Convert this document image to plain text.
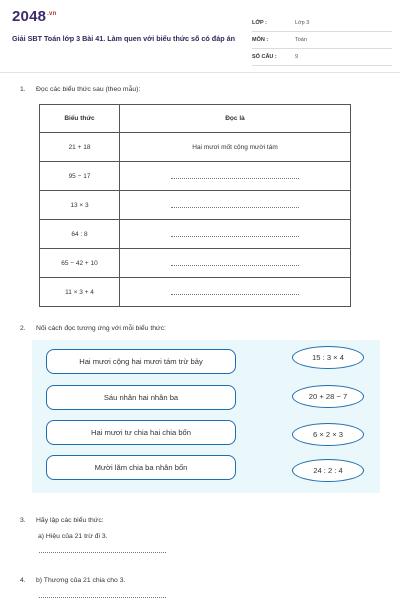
$2048^{.vn}$
Giải SBT Toán lớp 3 Bài 41. Làm quen với biểu thức số có đáp án
LỚP :	Lớp 3
MÔN :	Toán
SỐ CÂU :	9
1. Đọc các biểu thức sau (theo mẫu):
Biểu thức	Đọc là
21 + 18	Hai mươi mốt cộng mười tám
95 − 17	
13 × 3	
64 : 8	
65 − 42 + 10	
11 × 3 + 4	
2. Nối cách đọc tương ứng với mỗi biểu thức:
Hai mươi cộng hai mươi tám trừ bảy
Sáu nhân hai nhân ba
Hai mươi tư chia hai chia bốn
Mười lăm chia ba nhân bốn
15 : 3 × 4
20 + 28 − 7
6 × 2 × 3
24 : 2 : 4
3. Hãy lập các biểu thức:
a) Hiệu của 21 trừ đi 3.
4. b) Thương của 21 chia cho 3.
